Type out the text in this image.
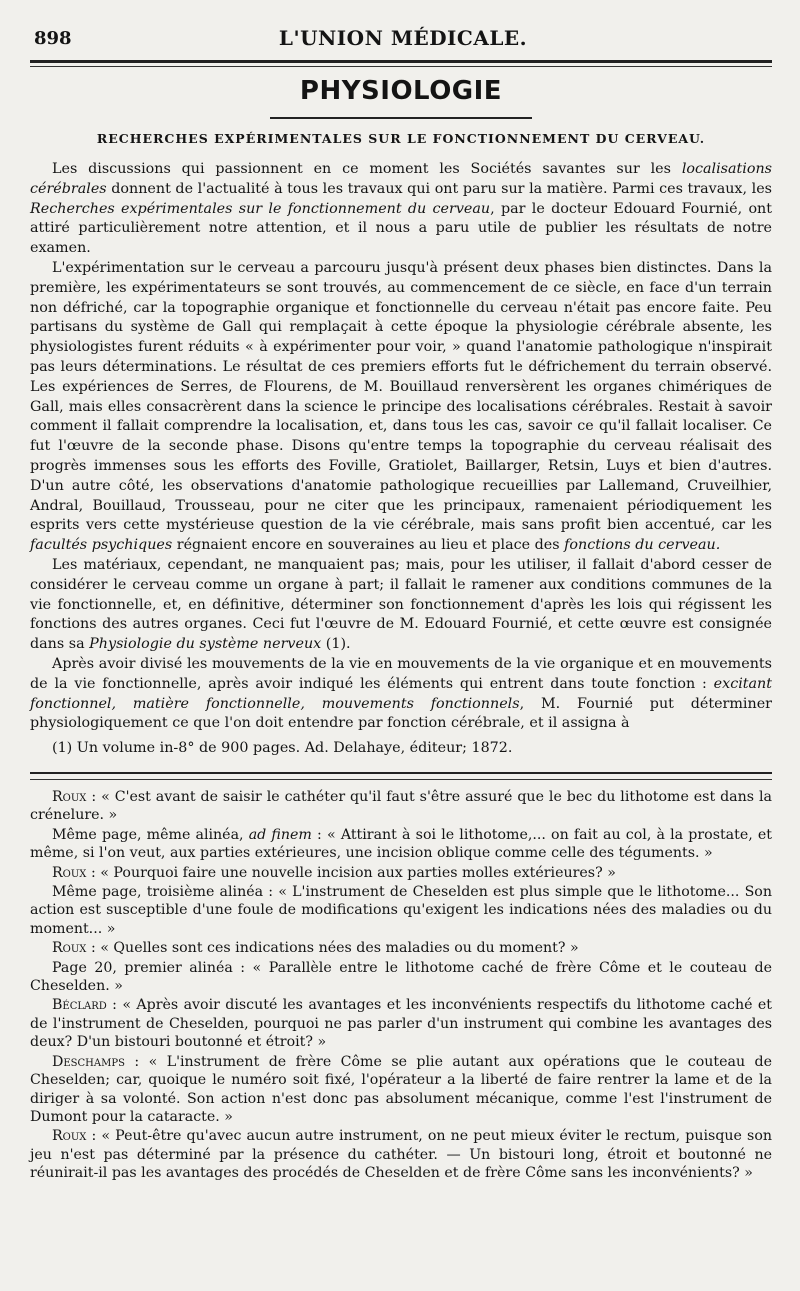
898	L'UNION MÉDICALE.
PHYSIOLOGIE
RECHERCHES EXPÉRIMENTALES SUR LE FONCTIONNEMENT DU CERVEAU.

Les discussions qui passionnent en ce moment les Sociétés savantes sur les localisations cérébrales donnent de l'actualité à tous les travaux qui ont paru sur la matière. Parmi ces travaux, les Recherches expérimentales sur le fonctionnement du cerveau, par le docteur Edouard Fournié, ont attiré particulièrement notre attention, et il nous a paru utile de publier les résultats de notre examen.

L'expérimentation sur le cerveau a parcouru jusqu'à présent deux phases bien distinctes. Dans la première, les expérimentateurs se sont trouvés, au commencement de ce siècle, en face d'un terrain non défriché, car la topographie organique et fonctionnelle du cerveau n'était pas encore faite. Peu partisans du système de Gall qui remplaçait à cette époque la physiologie cérébrale absente, les physiologistes furent réduits « à expérimenter pour voir, » quand l'anatomie pathologique n'inspirait pas leurs déterminations. Le résultat de ces premiers efforts fut le défrichement du terrain observé. Les expériences de Serres, de Flourens, de M. Bouillaud renversèrent les organes chimériques de Gall, mais elles consacrèrent dans la science le principe des localisations cérébrales. Restait à savoir comment il fallait comprendre la localisation, et, dans tous les cas, savoir ce qu'il fallait localiser. Ce fut l'œuvre de la seconde phase. Disons qu'entre temps la topographie du cerveau réalisait des progrès immenses sous les efforts des Foville, Gratiolet, Baillarger, Retsin, Luys et bien d'autres. D'un autre côté, les observations d'anatomie pathologique recueillies par Lallemand, Cruveilhier, Andral, Bouillaud, Trousseau, pour ne citer que les principaux, ramenaient périodiquement les esprits vers cette mystérieuse question de la vie cérébrale, mais sans profit bien accentué, car les facultés psychiques régnaient encore en souveraines au lieu et place des fonctions du cerveau.

Les matériaux, cependant, ne manquaient pas; mais, pour les utiliser, il fallait d'abord cesser de considérer le cerveau comme un organe à part; il fallait le ramener aux conditions communes de la vie fonctionnelle, et, en définitive, déterminer son fonctionnement d'après les lois qui régissent les fonctions des autres organes. Ceci fut l'œuvre de M. Edouard Fournié, et cette œuvre est consignée dans sa Physiologie du système nerveux (1).

Après avoir divisé les mouvements de la vie en mouvements de la vie organique et en mouvements de la vie fonctionnelle, après avoir indiqué les éléments qui entrent dans toute fonction : excitant fonctionnel, matière fonctionnelle, mouvements fonctionnels, M. Fournié put déterminer physiologiquement ce que l'on doit entendre par fonction cérébrale, et il assigna à

(1) Un volume in-8° de 900 pages. Ad. Delahaye, éditeur; 1872.

Roux : « C'est avant de saisir le cathéter qu'il faut s'être assuré que le bec du lithotome est dans la crénelure. »

Même page, même alinéa, ad finem : « Attirant à soi le lithotome,... on fait au col, à la prostate, et même, si l'on veut, aux parties extérieures, une incision oblique comme celle des téguments. »

Roux : « Pourquoi faire une nouvelle incision aux parties molles extérieures? »

Même page, troisième alinéa : « L'instrument de Cheselden est plus simple que le lithotome... Son action est susceptible d'une foule de modifications qu'exigent les indications nées des maladies ou du moment... »

Roux : « Quelles sont ces indications nées des maladies ou du moment? »

Page 20, premier alinéa : « Parallèle entre le lithotome caché de frère Côme et le couteau de Cheselden. »

Béclard : « Après avoir discuté les avantages et les inconvénients respectifs du lithotome caché et de l'instrument de Cheselden, pourquoi ne pas parler d'un instrument qui combine les avantages des deux? D'un bistouri boutonné et étroit? »

Deschamps : « L'instrument de frère Côme se plie autant aux opérations que le couteau de Cheselden; car, quoique le numéro soit fixé, l'opérateur a la liberté de faire rentrer la lame et de la diriger à sa volonté. Son action n'est donc pas absolument mécanique, comme l'est l'instrument de Dumont pour la cataracte. »

Roux : « Peut-être qu'avec aucun autre instrument, on ne peut mieux éviter le rectum, puisque son jeu n'est pas déterminé par la présence du cathéter. — Un bistouri long, étroit et boutonné ne réunirait-il pas les avantages des procédés de Cheselden et de frère Côme sans les inconvénients? »
